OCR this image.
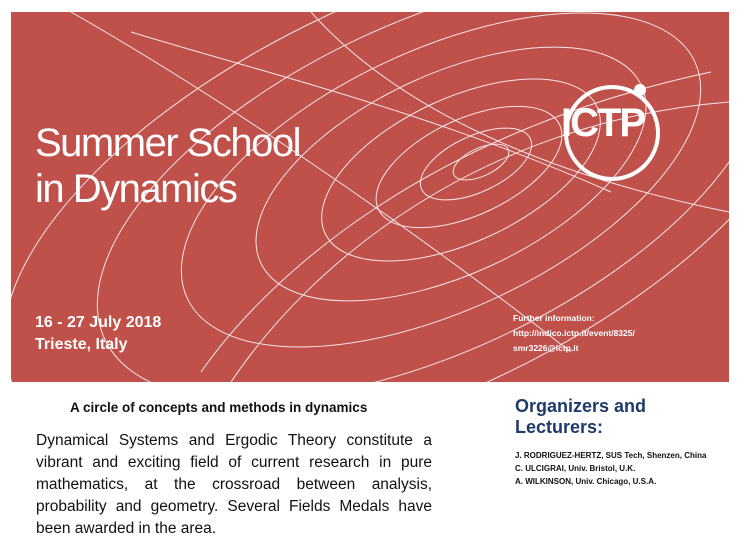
ICTP
Summer School
in Dynamics
16 - 27 July 2018
Trieste, Italy
Further information:
http://indico.ictp.it/event/8325/
smr3226@ictp.it
A circle of concepts and methods in dynamics
Dynamical Systems and Ergodic Theory constitute a vibrant and exciting field of current research in pure mathematics, at the crossroad between analysis, probability and geometry. Several Fields Medals have been awarded in the area.
Organizers and
Lecturers:
J. RODRIGUEZ-HERTZ, SUS Tech, Shenzen, China
C. ULCIGRAI, Univ. Bristol, U.K.
A. WILKINSON, Univ. Chicago, U.S.A.
